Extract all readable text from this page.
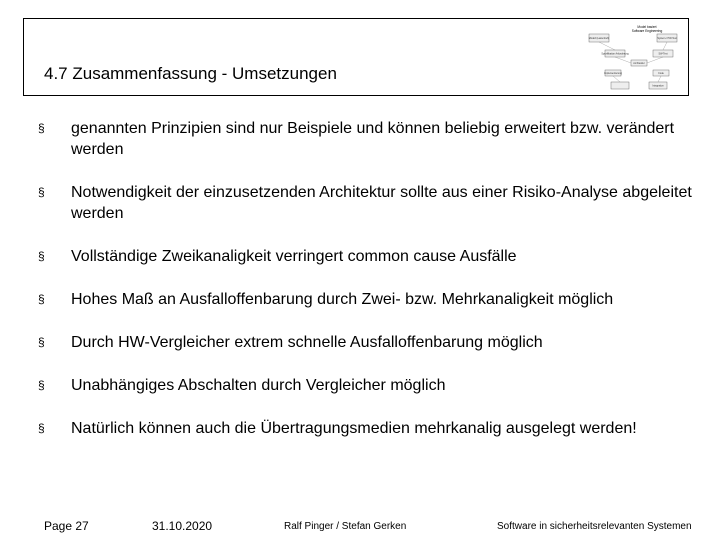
4.7 Zusammenfassung - Umsetzungen
Model basiert
Software Engineering
Modell (Lastenheft)	System-/ HW-Test
Spezifikation Anforderung	SW-Test
Architektur
Implementierung	Code
Integration
§ genannten Prinzipien sind nur Beispiele und können beliebig erweitert bzw. verändert werden
§ Notwendigkeit der einzusetzenden Architektur sollte aus einer Risiko-Analyse abgeleitet werden
§ Vollständige Zweikanaligkeit verringert common cause Ausfälle
§ Hohes Maß an Ausfalloffenbarung durch Zwei- bzw. Mehrkanaligkeit möglich
§ Durch HW-Vergleicher extrem schnelle Ausfalloffenbarung möglich
§ Unabhängiges Abschalten durch Vergleicher möglich
§ Natürlich können auch die Übertragungsmedien mehrkanalig ausgelegt werden!
Page 27	31.10.2020	Ralf Pinger / Stefan Gerken	Software in sicherheitsrelevanten Systemen
